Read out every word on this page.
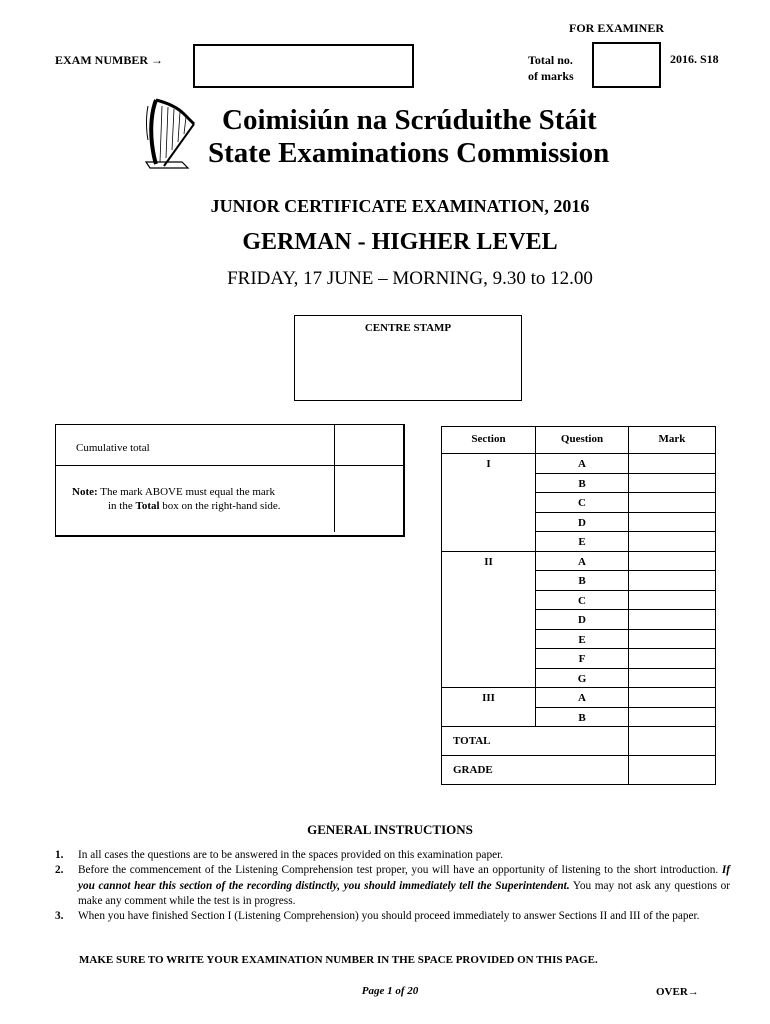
FOR EXAMINER
EXAM NUMBER →	Total no.
of marks
2016. S18
Coimisiún na Scrúduithe Stáit
State Examinations Commission
JUNIOR CERTIFICATE EXAMINATION, 2016
GERMAN - HIGHER LEVEL
FRIDAY, 17 JUNE – MORNING, 9.30 to 12.00
CENTRE STAMP
Cumulative total
Note: The mark ABOVE must equal the mark
in the Total box on the right-hand side.
Section	Question	Mark
I	A	
	B	
	C	
	D	
	E	
II	A	
	B	
	C	
	D	
	E	
	F	
	G	
III	A	
	B	
TOTAL		
GRADE		
GENERAL INSTRUCTIONS
1. In all cases the questions are to be answered in the spaces provided on this examination paper.
2. Before the commencement of the Listening Comprehension test proper, you will have an opportunity of listening to the short introduction. If you cannot hear this section of the recording distinctly, you should immediately tell the Superintendent. You may not ask any questions or make any comment while the test is in progress.
3. When you have finished Section I (Listening Comprehension) you should proceed immediately to answer Sections II and III of the paper.
MAKE SURE TO WRITE YOUR EXAMINATION NUMBER IN THE SPACE PROVIDED ON THIS PAGE.
Page 1 of 20	OVER→
